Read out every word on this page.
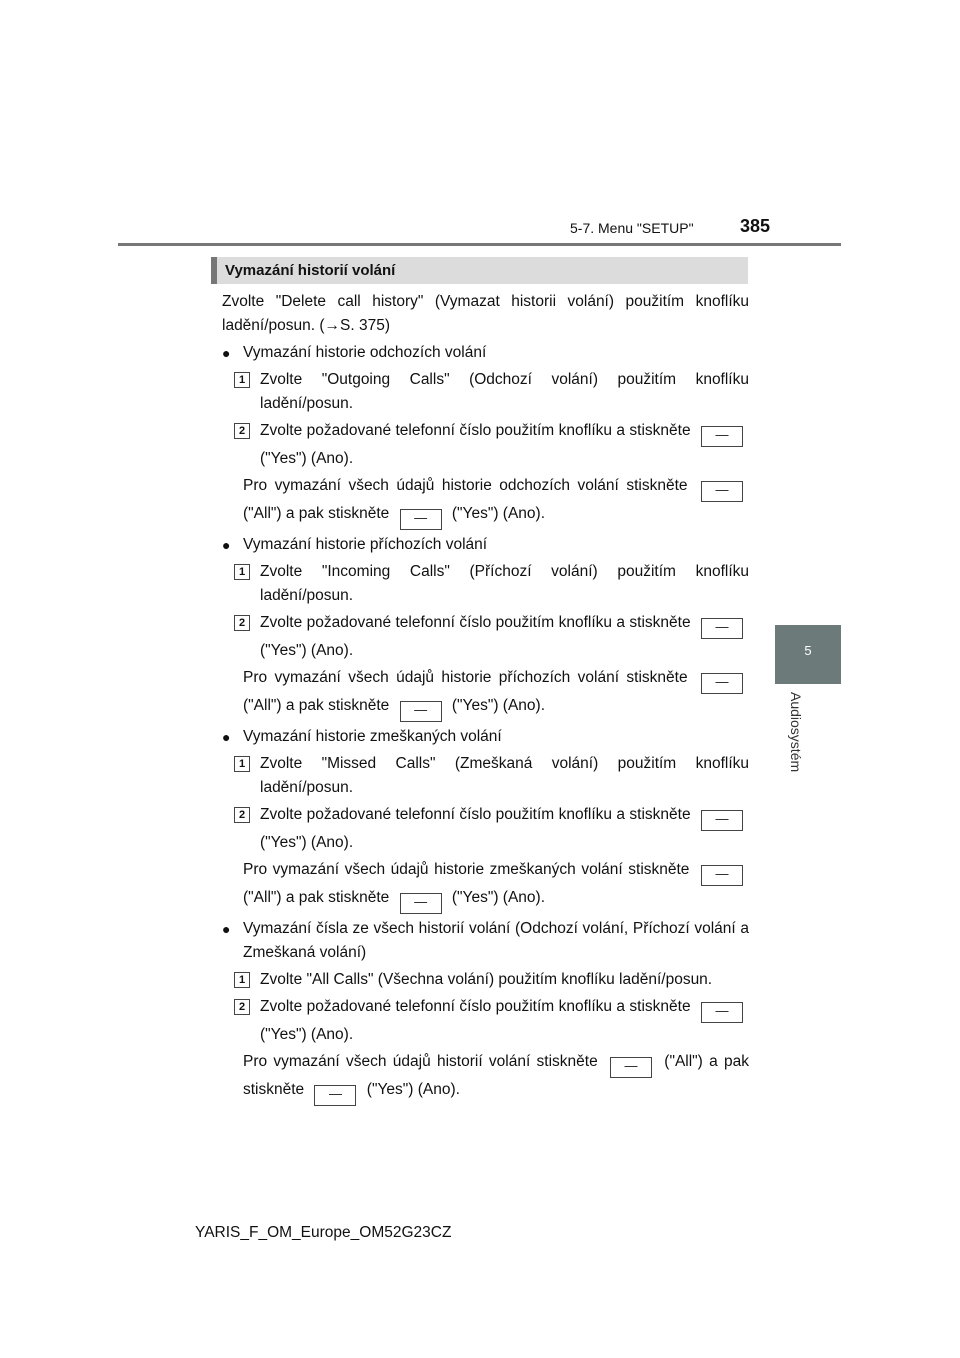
5-7. Menu "SETUP"	385
5
Audiosystém
Vymazání historií volání
Zvolte "Delete call history" (Vymazat historii volání) použitím knoflíku ladění/posun. (→S. 375)
● Vymazání historie odchozích volání
1 Zvolte "Outgoing Calls" (Odchozí volání) použitím knoflíku ladění/posun.
2 Zvolte požadované telefonní číslo použitím knoflíku a stiskněte — ("Yes") (Ano).
Pro vymazání všech údajů historie odchozích volání stiskněte — ("All") a pak stiskněte — ("Yes") (Ano).
● Vymazání historie příchozích volání
1 Zvolte "Incoming Calls" (Příchozí volání) použitím knoflíku ladění/posun.
2 Zvolte požadované telefonní číslo použitím knoflíku a stiskněte — ("Yes") (Ano).
Pro vymazání všech údajů historie příchozích volání stiskněte — ("All") a pak stiskněte — ("Yes") (Ano).
● Vymazání historie zmeškaných volání
1 Zvolte "Missed Calls" (Zmeškaná volání) použitím knoflíku ladění/posun.
2 Zvolte požadované telefonní číslo použitím knoflíku a stiskněte — ("Yes") (Ano).
Pro vymazání všech údajů historie zmeškaných volání stiskněte — ("All") a pak stiskněte — ("Yes") (Ano).
● Vymazání čísla ze všech historií volání (Odchozí volání, Příchozí volání a Zmeškaná volání)
1 Zvolte "All Calls" (Všechna volání) použitím knoflíku ladění/posun.
2 Zvolte požadované telefonní číslo použitím knoflíku a stiskněte — ("Yes") (Ano).
Pro vymazání všech údajů historií volání stiskněte — ("All") a pak stiskněte — ("Yes") (Ano).
YARIS_F_OM_Europe_OM52G23CZ
